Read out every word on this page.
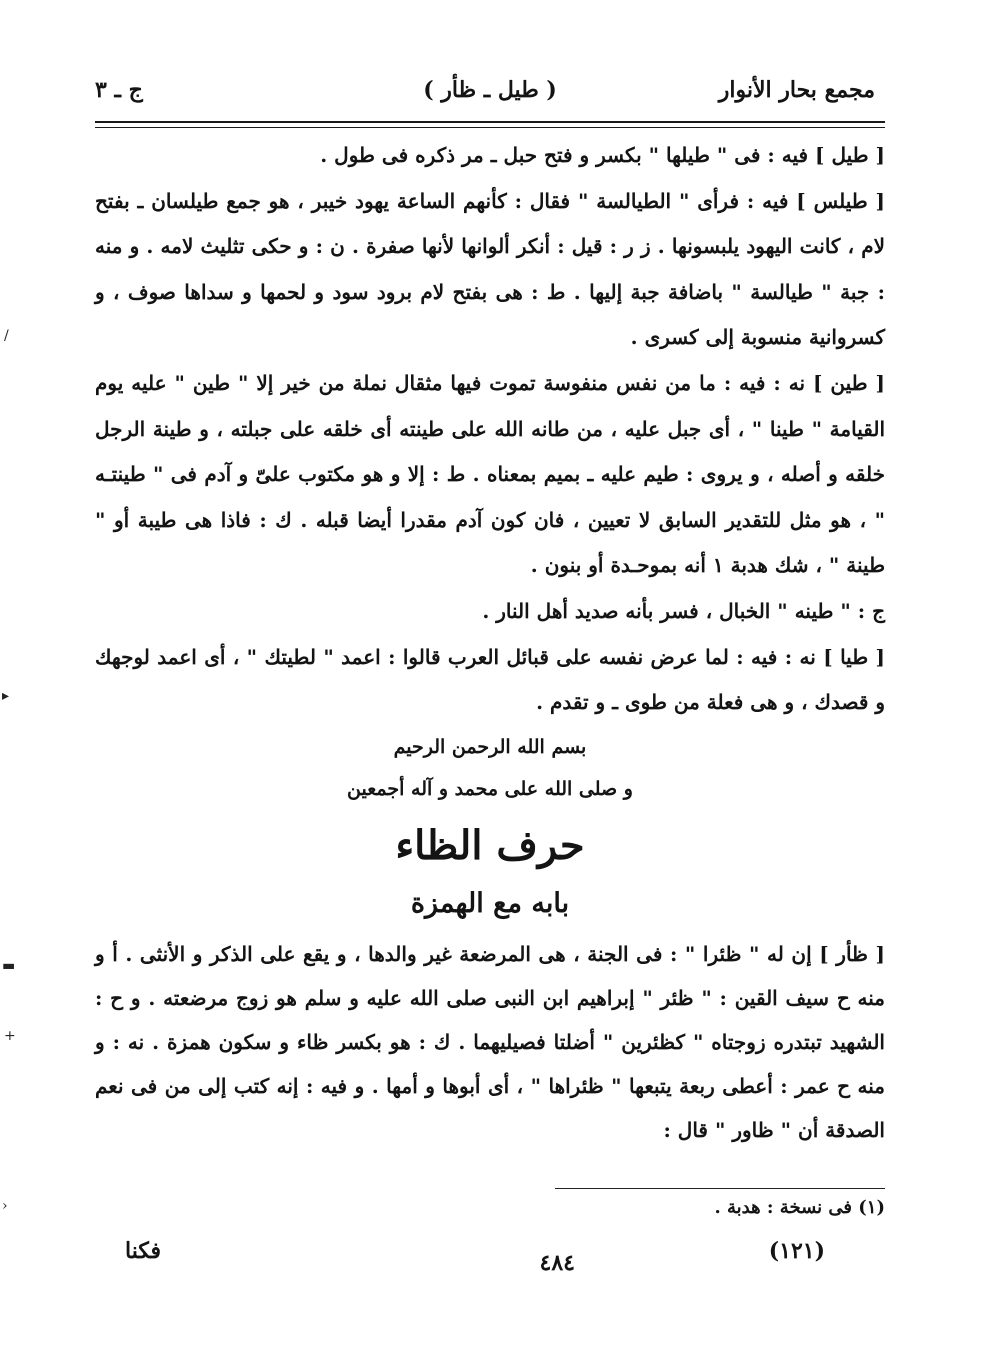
مجمع بحار الأنوار
( طيل ـ ظأر )
ج ـ ٣

[ طيل ] فيه : فى " طيلها " بكسر و فتح حبل ـ مر ذكره فى طول .

[ طيلس ] فيه : فرأى " الطيالسة " فقال : كأنهم الساعة يهود خيبر ، هو جمع طيلسان ـ بفتح لام ، كانت اليهود يلبسونها . ز ر : قيل : أنكر ألوانها لأنها صفرة . ن : و حكى تثليث لامه . و منه : جبة " طيالسة " باضافة جبة إليها . ط : هى بفتح لام برود سود و لحمها و سداها صوف ، و كسروانية منسوبة إلى كسرى .

[ طين ] نه : فيه : ما من نفس منفوسة تموت فيها مثقال نملة من خير إلا " طين " عليه يوم القيامة " طينا " ، أى جبل عليه ، من طانه الله على طينته أى خلقه على جبلته ، و طينة الرجل خلقه و أصله ، و يروى : طيم عليه ـ بميم بمعناه . ط : إلا و هو مكتوب علىّ و آدم فى " طينتـه " ، هو مثل للتقدير السابق لا تعيين ، فان كون آدم مقدرا أيضا قبله . ك : فاذا هى طيبة أو " طينة " ، شك هدبة ١ أنه بموحـدة أو بنون .

ج : " طينه " الخبال ، فسر بأنه صديد أهل النار .

[ طيا ] نه : فيه : لما عرض نفسه على قبائل العرب قالوا : اعمد " لطيتك " ، أى اعمد لوجهك و قصدك ، و هى فعلة من طوى ـ و تقدم .

بسم الله الرحمن الرحيم
و صلى الله على محمد و آله أجمعين
حرف الظاء
بابه مع الهمزة

[ ظأر ] إن له " ظئرا " : فى الجنة ، هى المرضعة غير والدها ، و يقع على الذكر و الأنثى . أ و منه ح سيف القين : " ظئر " إبراهيم ابن النبى صلى الله عليه و سلم هو زوج مرضعته . و ح : الشهيد تبتدره زوجتاه " كظئرين " أضلتا فصيليهما . ك : هو بكسر ظاء و سكون همزة . نه : و منه ح عمر : أعطى ربعة يتبعها " ظئراها " ، أى أبوها و أمها . و فيه : إنه كتب إلى من فى نعم الصدقة أن " ظاور " قال :

(١) فى نسخة : هدبة .
فكنا	(١٢١)
٤٨٤
/
▸
▬
+
›
